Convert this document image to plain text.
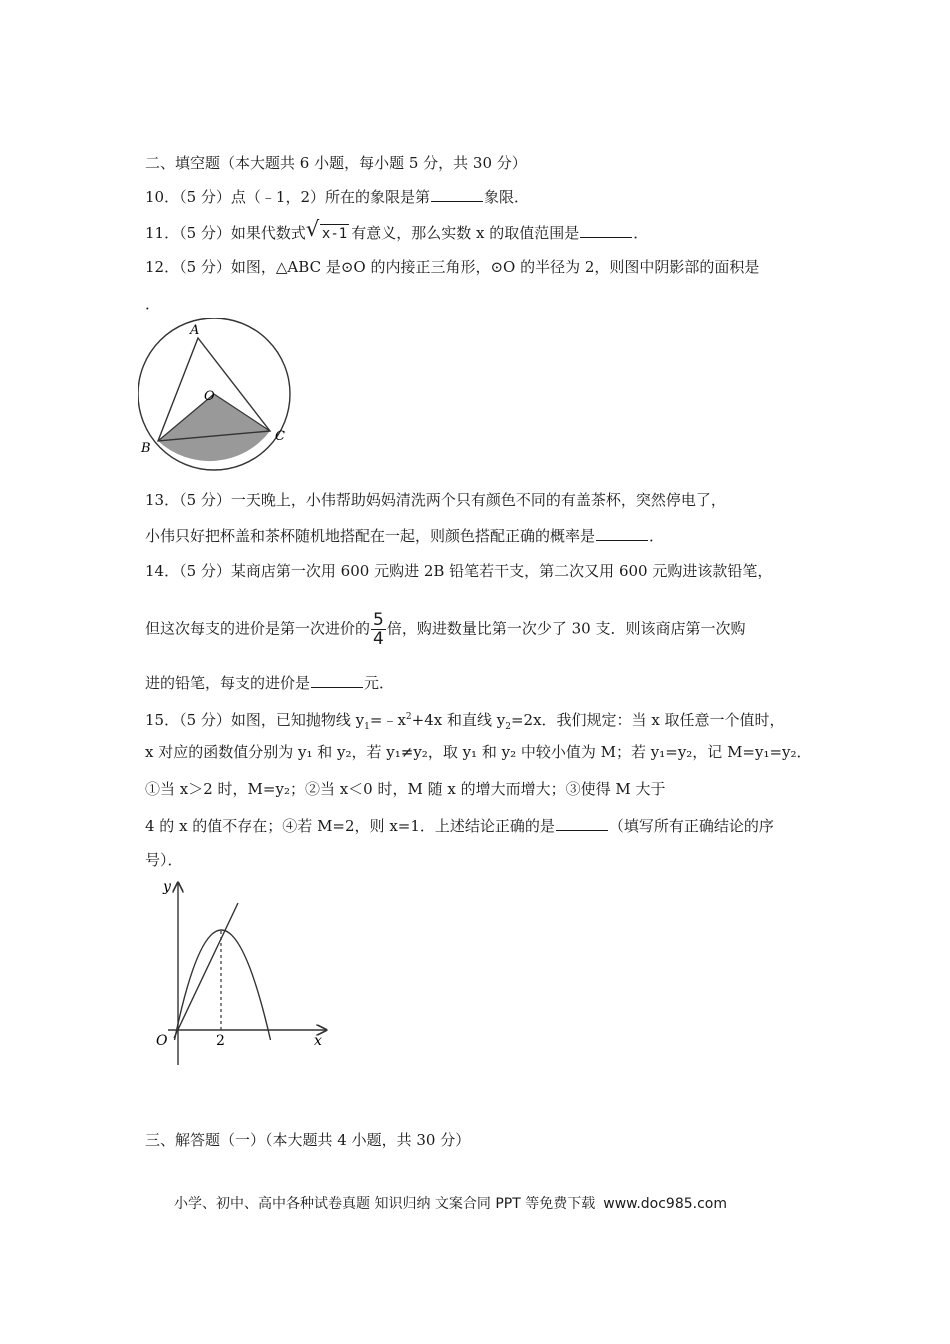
二、填空题（本大题共 6 小题，每小题 5 分，共 30 分）
10．（5 分）点（﹣1，2）所在的象限是第	象限．
11．（5 分）如果代数式√ x-1 有意义，那么实数 x 的取值范围是	．
12．（5 分）如图，△ABC 是⊙O 的内接正三角形，⊙O 的半径为 2，则图中阴影部的面积是
．
A
O
B
C
13．（5 分）一天晚上，小伟帮助妈妈清洗两个只有颜色不同的有盖茶杯，突然停电了，
小伟只好把杯盖和茶杯随机地搭配在一起，则颜色搭配正确的概率是	．
14．（5 分）某商店第一次用 600 元购进 2B 铅笔若干支，第二次又用 600 元购进该款铅笔，
但这次每支的进价是第一次进价的 $\frac{5}{4}$ 倍，购进数量比第一次少了 30 支．则该商店第一次购
进的铅笔，每支的进价是	元．
15．（5 分）如图，已知抛物线 $y_1=﹣x^2+4x$ 和直线 $y_2=2x$．我们规定：当 x 取任意一个值时，
x 对应的函数值分别为 y₁ 和 y₂，若 y₁≠y₂，取 y₁ 和 y₂ 中较小值为 M；若 y₁=y₂，记 M=y₁=y₂．
①当 x＞2 时，M=y₂；②当 x＜0 时，M 随 x 的增大而增大；③使得 M 大于
4 的 x 的值不存在；④若 M=2，则 x=1．上述结论正确的是	（填写所有正确结论的序
号）．
y
O	2	x
三、解答题（一）（本大题共 4 小题，共 30 分）
小学、初中、高中各种试卷真题 知识归纳 文案合同 PPT 等免费下载 www.doc985.com
